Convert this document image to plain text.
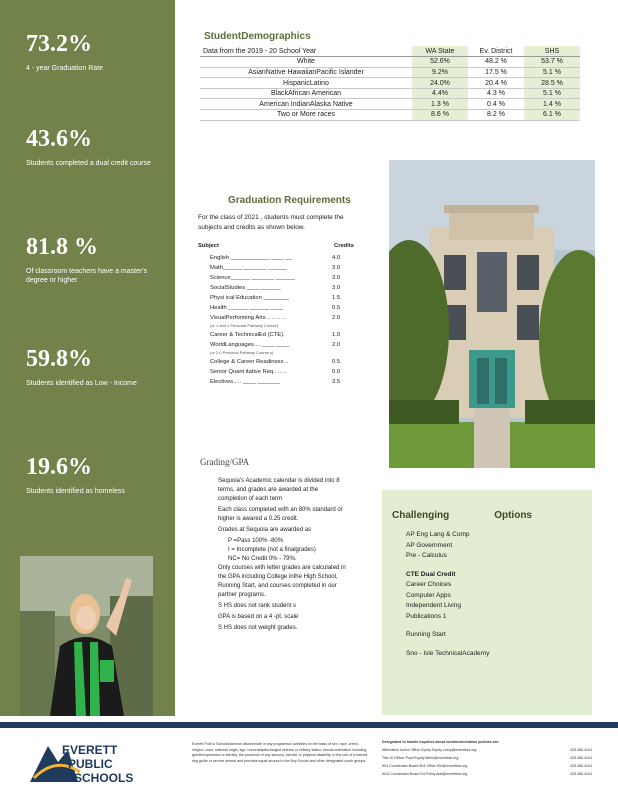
73.2%
4 - year Graduation Rate
43.6%
Students completed a dual credit course
81.8 %
Of classroom teachers have a master's degree or higher
59.8%
Students identified as Low - Income
19.6%
Students identified as homeless
StudentDemographics
Data from the 2019 - 20 School Year	WA State	Ev. District	SHS
White	52.6%	48.2 %	53.7 %
AsianNative HawaiianPacific Islander	9.2%	17.5 %	5.1 %
HispanicLatino	24.0%	20.4 %	28.5 %
BlackAfrican American	4.4%	4.3 %	5.1 %
American IndianAlaska Native	1.3 %	0.4 %	1.4 %
Two or More races	8.6 %	8.2 %	6.1 %
Graduation Requirements
For the class of 2021 , students must complete the subjects and credits as shown below.
Subject	Credits
English ____________ ____ __	4.0
Math______ _______ ______	3.0
Science______ _______ ______	3.0
SocialStudies ____ ______	3.0
Physi ical Education ________	1.5
Health ______ ______ ____	0.5
VisualPerforming Arts .. .. .. ..	2.0
(or 1 and 1 Personal Pathway Course)
Career & TechnicalEd (CTE).	1.0
WorldLanguages.... ____ ____	2.0
(or 2.0 Personal Pathway Course s)
College & Career Readiness ..	0.5
Senior Quant itative Req.. .. ..	0.0
Electives..... ____ _______	3.5
Grading/GPA
Sequoia's Academic calendar is divided into 8 terms, and grades are awarded at the completion of each term
Each class completed with an 80% standard or higher is awared a 0.25 credit.
Grades at Sequoia are awarded as
P =Pass 100% -80%
I = Incomplete (not a finalgrades)
NC= No Credit 0% - 79%.
Only courses with letter grades are calculated in the GPA including College inthe High School, Running Start, and courses completed in our partner programs.
S HS does not rank student s
GPA is based on a 4 -pt. scale
S HS does not weight grades.
Challenging	Options
AP Eng Lang & Comp
AP Government
Pre - Calculus
CTE Dual Credit
Career Choices
Computer Apps
Independent Living
Publications 1
Running Start
Sno - Isle TechnicalAcademy
EVERETT
PUBLIC
SCHOOLS
Everett Publ ic Schoolsdoesnot discriminate in any programsor activities on the basis of sex, race, creed, religion, color, national origin, age, honorablydischarged veteran or military status, sexual orientation including genderexpression or identity, the presence of any sensory, mental, or physical disability, or the use of a trained dog guide or service animal and provides equal access to the Boy Scouts and other designated youth groups.
Designated to handle inquiries about nondiscrimination policies are:
Affirmative Action Office Equity Equity comp@everettsd.org	425.385.4104
Title IX Officer Pupil Equity titleix@everettsd.org	425.385.4104
504 Coordinator Board 504 Office 504@everettsd.org	425.385.4104
ADA Coordinator Board Ed Policy ada@everettsd.org	425.385.4104
